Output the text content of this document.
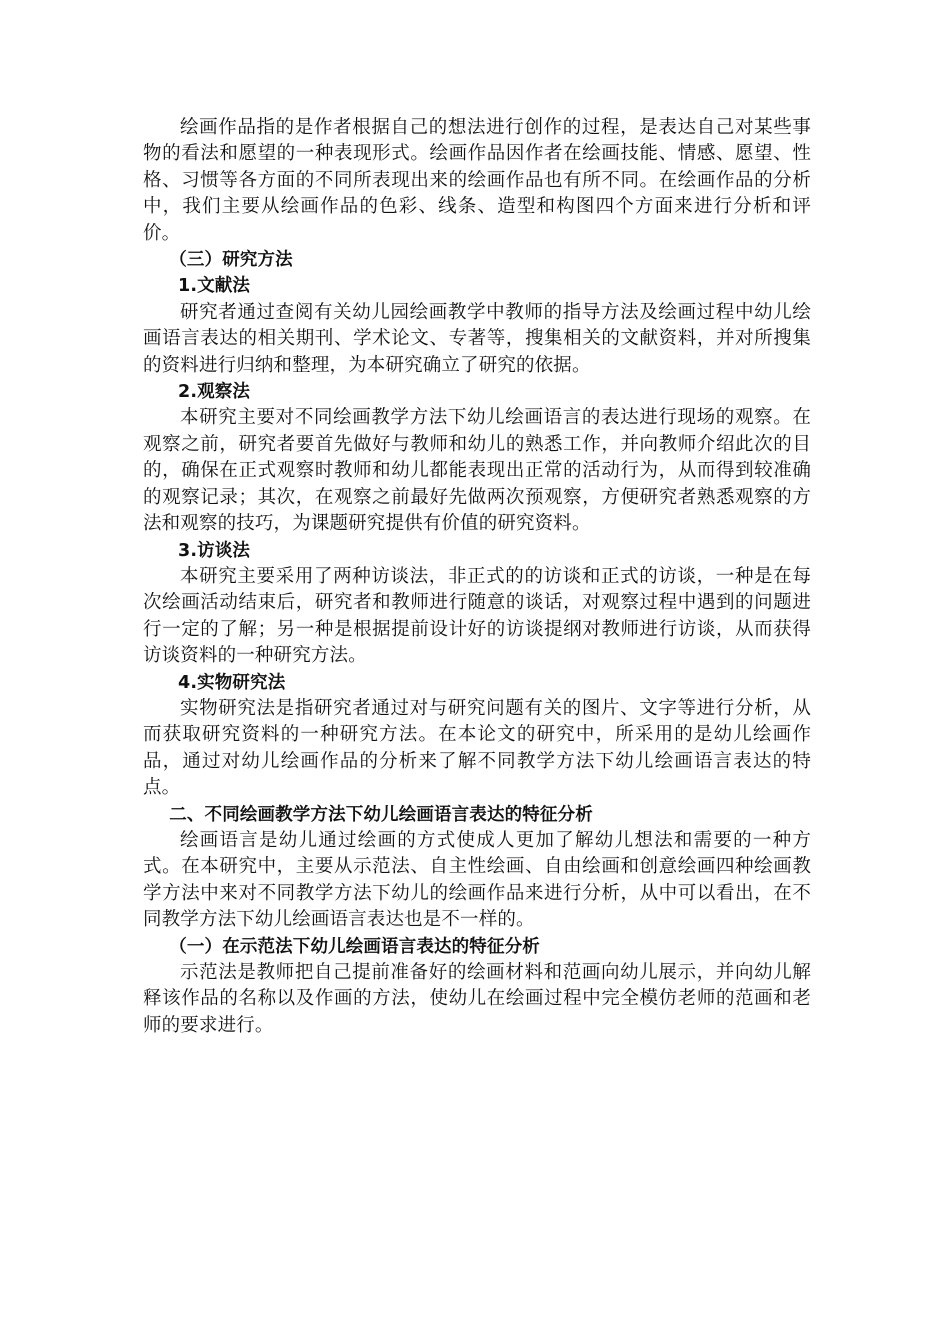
绘画作品指的是作者根据自己的想法进行创作的过程，是表达自己对某些事物的看法和愿望的一种表现形式。绘画作品因作者在绘画技能、情感、愿望、性格、习惯等各方面的不同所表现出来的绘画作品也有所不同。在绘画作品的分析中，我们主要从绘画作品的色彩、线条、造型和构图四个方面来进行分析和评价。

（三）研究方法
1.文献法

研究者通过查阅有关幼儿园绘画教学中教师的指导方法及绘画过程中幼儿绘画语言表达的相关期刊、学术论文、专著等，搜集相关的文献资料，并对所搜集的资料进行归纳和整理，为本研究确立了研究的依据。

2.观察法

本研究主要对不同绘画教学方法下幼儿绘画语言的表达进行现场的观察。在观察之前，研究者要首先做好与教师和幼儿的熟悉工作，并向教师介绍此次的目的，确保在正式观察时教师和幼儿都能表现出正常的活动行为，从而得到较准确的观察记录；其次，在观察之前最好先做两次预观察，方便研究者熟悉观察的方法和观察的技巧，为课题研究提供有价值的研究资料。

3.访谈法

本研究主要采用了两种访谈法，非正式的的访谈和正式的访谈，一种是在每次绘画活动结束后，研究者和教师进行随意的谈话，对观察过程中遇到的问题进行一定的了解；另一种是根据提前设计好的访谈提纲对教师进行访谈，从而获得访谈资料的一种研究方法。

4.实物研究法

实物研究法是指研究者通过对与研究问题有关的图片、文字等进行分析，从而获取研究资料的一种研究方法。在本论文的研究中，所采用的是幼儿绘画作品，通过对幼儿绘画作品的分析来了解不同教学方法下幼儿绘画语言表达的特点。

二、不同绘画教学方法下幼儿绘画语言表达的特征分析

绘画语言是幼儿通过绘画的方式使成人更加了解幼儿想法和需要的一种方式。在本研究中，主要从示范法、自主性绘画、自由绘画和创意绘画四种绘画教学方法中来对不同教学方法下幼儿的绘画作品来进行分析，从中可以看出，在不同教学方法下幼儿绘画语言表达也是不一样的。

（一）在示范法下幼儿绘画语言表达的特征分析

示范法是教师把自己提前准备好的绘画材料和范画向幼儿展示，并向幼儿解释该作品的名称以及作画的方法，使幼儿在绘画过程中完全模仿老师的范画和老师的要求进行。
